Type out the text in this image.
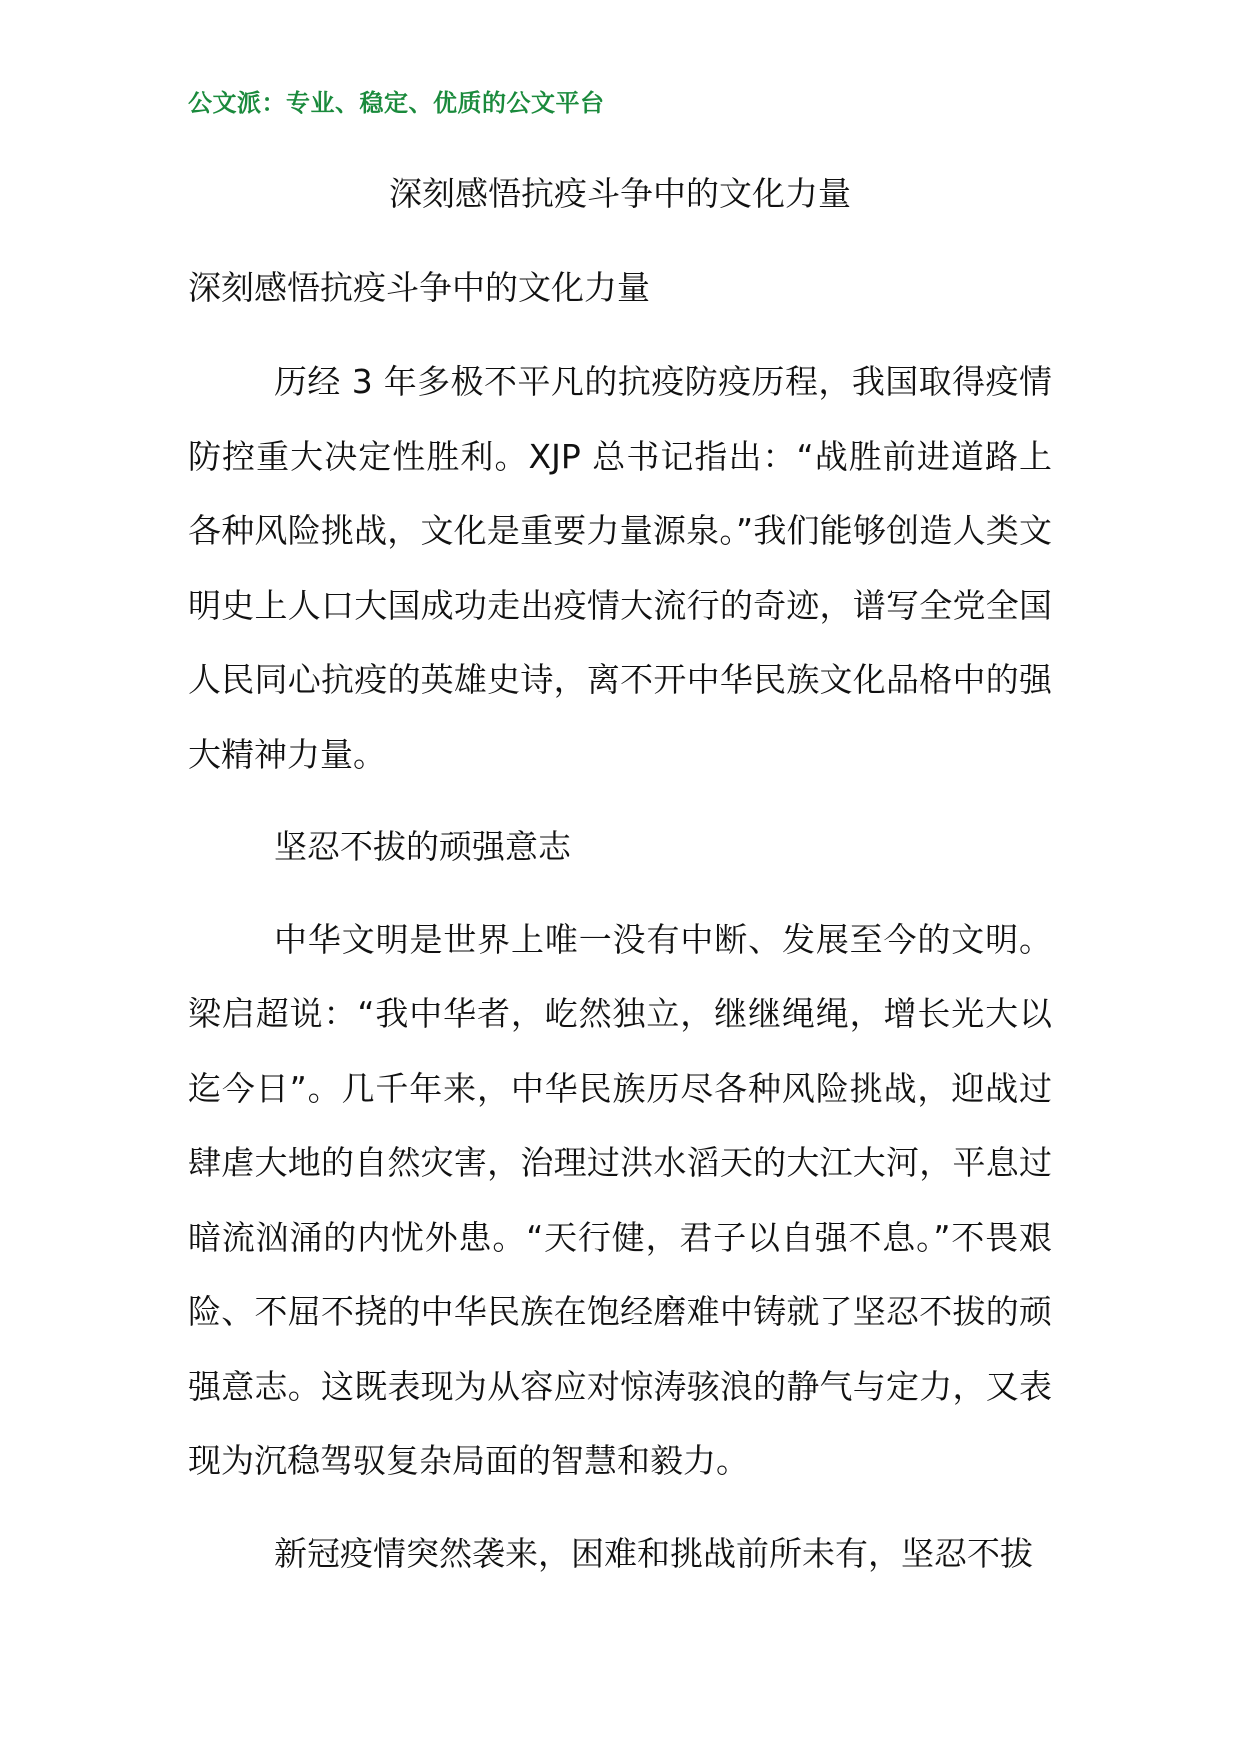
公文派：专业、稳定、优质的公文平台
深刻感悟抗疫斗争中的文化力量
深刻感悟抗疫斗争中的文化力量

历经 3 年多极不平凡的抗疫防疫历程，我国取得疫情防控重大决定性胜利。XJP 总书记指出：“战胜前进道路上各种风险挑战，文化是重要力量源泉。”我们能够创造人类文明史上人口大国成功走出疫情大流行的奇迹，谱写全党全国人民同心抗疫的英雄史诗，离不开中华民族文化品格中的强大精神力量。

坚忍不拔的顽强意志

中华文明是世界上唯一没有中断、发展至今的文明。梁启超说：“我中华者，屹然独立，继继绳绳，增长光大以迄今日”。几千年来，中华民族历尽各种风险挑战，迎战过肆虐大地的自然灾害，治理过洪水滔天的大江大河，平息过暗流汹涌的内忧外患。“天行健，君子以自强不息。”不畏艰险、不屈不挠的中华民族在饱经磨难中铸就了坚忍不拔的顽强意志。这既表现为从容应对惊涛骇浪的静气与定力，又表现为沉稳驾驭复杂局面的智慧和毅力。

新冠疫情突然袭来，困难和挑战前所未有，坚忍不拔
